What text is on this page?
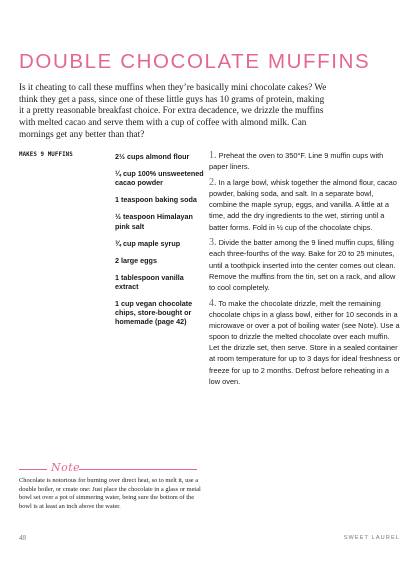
DOUBLE CHOCOLATE MUFFINS

Is it cheating to call these muffins when they’re basically mini chocolate cakes? We think they get a pass, since one of these little guys has 10 grams of protein, making it a pretty reasonable breakfast choice. For extra decadence, we drizzle the muffins with melted cacao and serve them with a cup of coffee with almond milk. Can mornings get any better than that?

MAKES 9 MUFFINS	2½ cups almond flour
¼ cup 100% unsweetened cacao powder
1 teaspoon baking soda
½ teaspoon Himalayan pink salt
¾ cup maple syrup
2 large eggs
1 tablespoon vanilla extract
1 cup vegan chocolate chips, store-bought or homemade (page 42)
1. Preheat the oven to 350°F. Line 9 muffin cups with paper liners.
2. In a large bowl, whisk together the almond flour, cacao powder, baking soda, and salt. In a separate bowl, combine the maple syrup, eggs, and vanilla. A little at a time, add the dry ingredients to the wet, stirring until a batter forms. Fold in ½ cup of the chocolate chips.
3. Divide the batter among the 9 lined muffin cups, filling each three-fourths of the way. Bake for 20 to 25 minutes, until a toothpick inserted into the center comes out clean. Remove the muffins from the tin, set on a rack, and allow to cool completely.
4. To make the chocolate drizzle, melt the remaining chocolate chips in a glass bowl, either for 10 seconds in a microwave or over a pot of boiling water (see Note). Use a spoon to drizzle the melted chocolate over each muffin. Let the drizzle set, then serve. Store in a sealed container at room temperature for up to 3 days for ideal freshness or freeze for up to 2 months. Defrost before reheating in a low oven.
Note

Chocolate is notorious for burning over direct heat, so to melt it, use a double boiler, or create one: Just place the chocolate in a glass or metal bowl set over a pot of simmering water, being sure the bottom of the bowl is at least an inch above the water.

48	SWEET LAUREL
